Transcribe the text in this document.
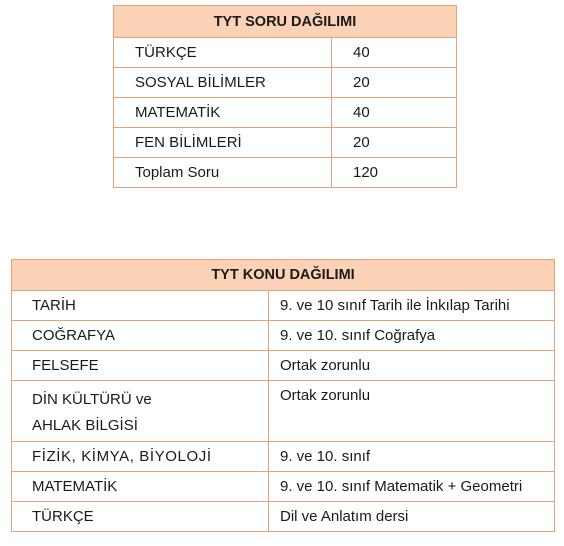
TYT SORU DAĞILIMI	
TÜRKÇE	40
SOSYAL BİLİMLER	20
MATEMATİK	40
FEN BİLİMLERİ	20
Toplam Soru	120
TYT KONU DAĞILIMI	
TARİH	9. ve 10 sınıf Tarih ile İnkılap Tarihi
COĞRAFYA	9. ve 10. sınıf Coğrafya
FELSEFE	Ortak zorunlu

DİN KÜLTÜRÜ ve
AHLAK BİLGİSİ	Ortak zorunlu
FİZİK, KİMYA, BİYOLOJİ	9. ve 10. sınıf
MATEMATİK	9. ve 10. sınıf Matematik + Geometri
TÜRKÇE	Dil ve Anlatım dersi
